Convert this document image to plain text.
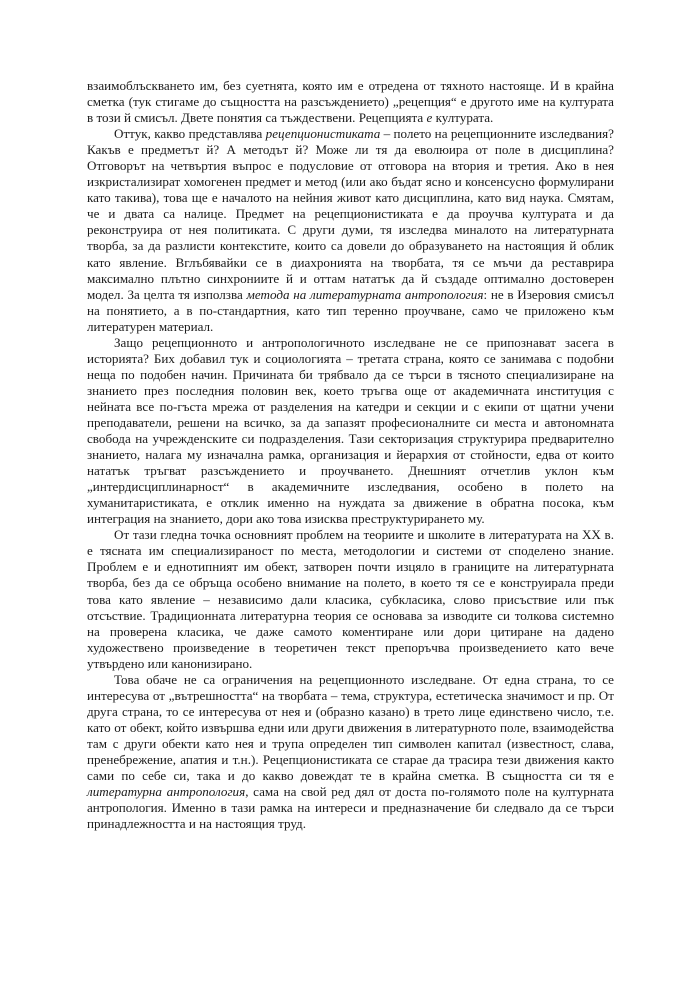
взаимоблъскването им, без суетнята, която им е отредена от тяхното настояще. И в крайна сметка (тук стигаме до същността на разсъждението) „рецепция“ е другото име на културата в този й смисъл. Двете понятия са тъждествени. Рецепцията е културата.

Оттук, какво представлява рецепционистиката – полето на рецепционните изследвания? Какъв е предметът й? А методът й? Може ли тя да еволюира от поле в дисциплина? Отговорът на четвъртия въпрос е подусловие от отговора на втория и третия. Ако в нея изкристализират хомогенен предмет и метод (или ако бъдат ясно и консенсусно формулирани като такива), това ще е началото на нейния живот като дисциплина, като вид наука. Смятам, че и двата са налице. Предмет на рецепционистиката е да проучва културата и да реконструира от нея политиката. С други думи, тя изследва миналото на литературната творба, за да разлисти контекстите, които са довели до образуването на настоящия й облик като явление. Вглъбявайки се в диахронията на творбата, тя се мъчи да реставрира максимално плътно синхрониите й и оттам нататък да й създаде оптимално достоверен модел. За целта тя използва метода на литературната антропология: не в Изеровия смисъл на понятието, а в по-стандартния, като тип теренно проучване, само че приложено към литературен материал.

Защо рецепционното и антропологичното изследване не се припознават засега в историята? Бих добавил тук и социологията – третата страна, която се занимава с подобни неща по подобен начин. Причината би трябвало да се търси в тясното специализиране на знанието през последния половин век, което тръгва още от академичната институция с нейната все по-гъста мрежа от разделения на катедри и секции и с екипи от щатни учени преподаватели, решени на всичко, за да запазят професионалните си места и автономната свобода на учрежденските си подразделения. Тази секторизация структурира предварително знанието, налага му изначална рамка, организация и йерархия от стойности, едва от които нататък тръгват разсъждението и проучването. Днешният отчетлив уклон към „интердисциплинарност“ в академичните изследвания, особено в полето на хуманитаристиката, е отклик именно на нуждата за движение в обратна посока, към интеграция на знанието, дори ако това изисква преструктурирането му.

От тази гледна точка основният проблем на теориите и школите в литературата на ХХ в. е тясната им специализираност по места, методологии и системи от споделено знание. Проблем е и еднотипният им обект, затворен почти изцяло в границите на литературната творба, без да се обръща особено внимание на полето, в което тя се е конструирала преди това като явление – независимо дали класика, субкласика, слово присъствие или пък отсъствие. Традиционната литературна теория се основава за изводите си толкова системно на проверена класика, че даже самото коментиране или дори цитиране на дадено художествено произведение в теоретичен текст препоръчва произведението като вече утвърдено или канонизирано.

Това обаче не са ограничения на рецепционното изследване. От една страна, то се интересува от „вътрешността“ на творбата – тема, структура, естетическа значимост и пр. От друга страна, то се интересува от нея и (образно казано) в трето лице единствено число, т.е. като от обект, който извършва едни или други движения в литературното поле, взаимодейства там с други обекти като нея и трупа определен тип символен капитал (известност, слава, пренебрежение, апатия и т.н.). Рецепционистиката се старае да трасира тези движения както сами по себе си, така и до какво довеждат те в крайна сметка. В същността си тя е литературна антропология, сама на свой ред дял от доста по-голямото поле на културната антропология. Именно в тази рамка на интереси и предназначение би следвало да се търси принадлежността и на настоящия труд.
